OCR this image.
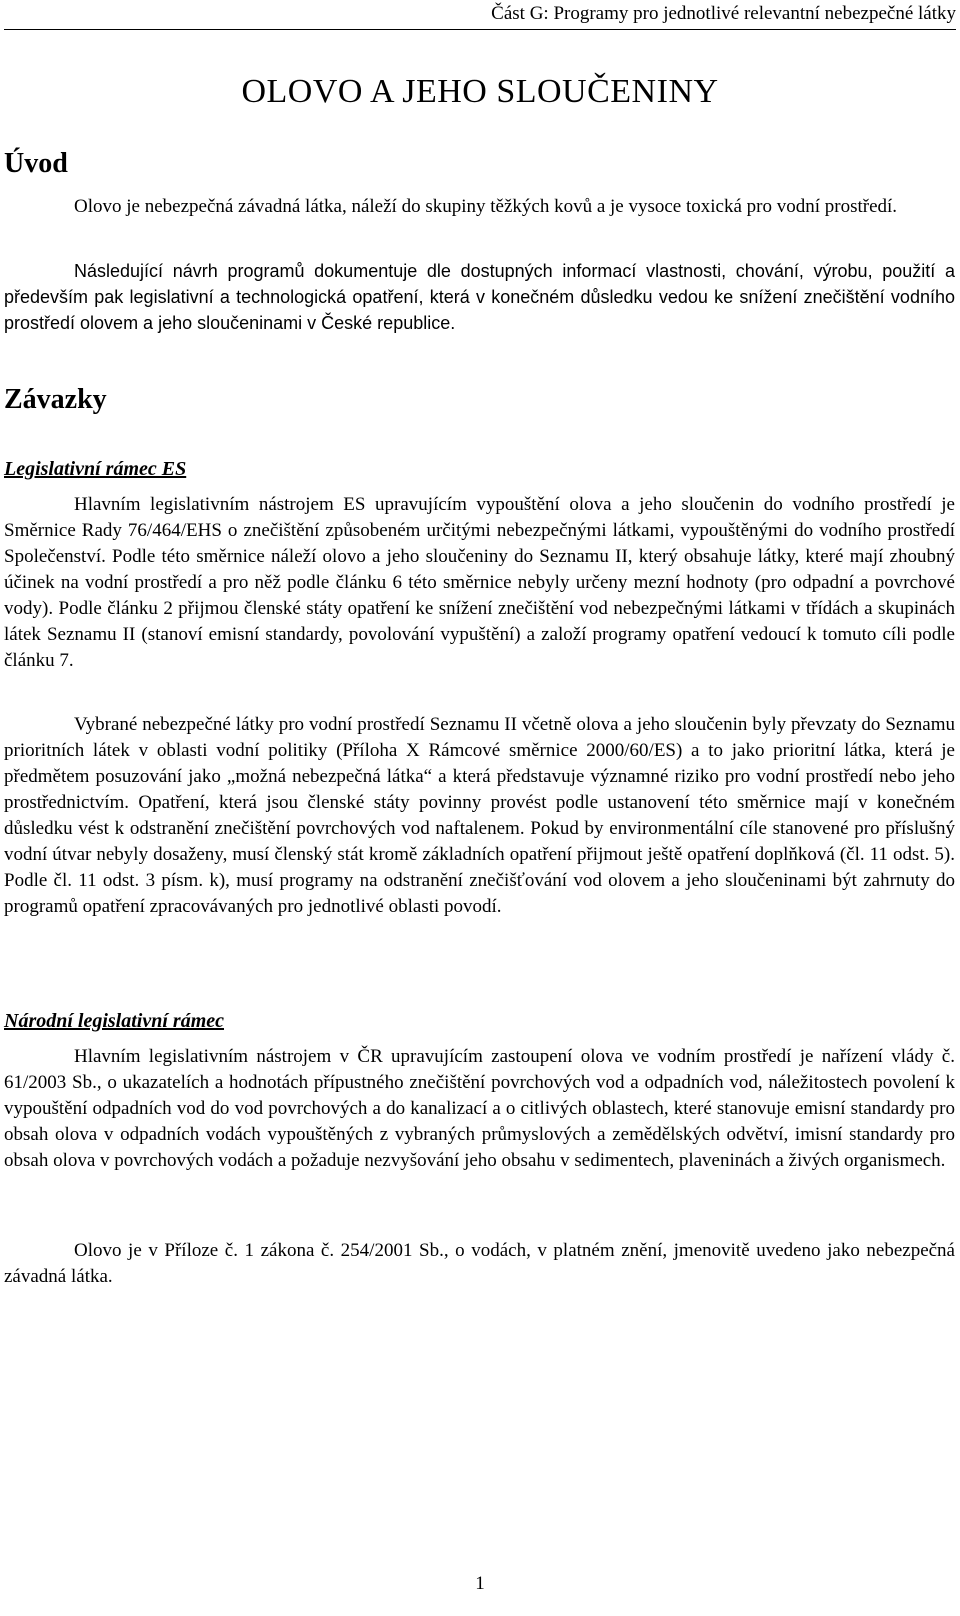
Část G: Programy pro jednotlivé relevantní nebezpečné látky
OLOVO A JEHO SLOUČENINY
Úvod

Olovo je nebezpečná závadná látka, náleží do skupiny těžkých kovů a je vysoce toxická pro vodní prostředí.

Následující návrh programů dokumentuje dle dostupných informací vlastnosti, chování, výrobu, použití a především pak legislativní a technologická opatření, která v konečném důsledku vedou ke snížení znečištění vodního prostředí olovem a jeho sloučeninami v České republice.

Závazky
Legislativní rámec ES

Hlavním legislativním nástrojem ES upravujícím vypouštění olova a jeho sloučenin do vodního prostředí je Směrnice Rady 76/464/EHS o znečištění způsobeném určitými nebezpečnými látkami, vypouštěnými do vodního prostředí Společenství. Podle této směrnice náleží olovo a jeho sloučeniny do Seznamu II, který obsahuje látky, které mají zhoubný účinek na vodní prostředí a pro něž podle článku 6 této směrnice nebyly určeny mezní hodnoty (pro odpadní a povrchové vody). Podle článku 2 přijmou členské státy opatření ke snížení znečištění vod nebezpečnými látkami v třídách a skupinách látek Seznamu II (stanoví emisní standardy, povolování vypuštění) a založí programy opatření vedoucí k tomuto cíli podle článku 7.

Vybrané nebezpečné látky pro vodní prostředí Seznamu II včetně olova a jeho sloučenin byly převzaty do Seznamu prioritních látek v oblasti vodní politiky (Příloha X Rámcové směrnice 2000/60/ES) a to jako prioritní látka, která je předmětem posuzování jako „možná nebezpečná látka“ a která představuje významné riziko pro vodní prostředí nebo jeho prostřednictvím. Opatření, která jsou členské státy povinny provést podle ustanovení této směrnice mají v konečném důsledku vést k odstranění znečištění povrchových vod naftalenem. Pokud by environmentální cíle stanovené pro příslušný vodní útvar nebyly dosaženy, musí členský stát kromě základních opatření přijmout ještě opatření doplňková (čl. 11 odst. 5). Podle čl. 11 odst. 3 písm. k), musí programy na odstranění znečišťování vod olovem a jeho sloučeninami být zahrnuty do programů opatření zpracovávaných pro jednotlivé oblasti povodí.

Národní legislativní rámec

Hlavním legislativním nástrojem v ČR upravujícím zastoupení olova ve vodním prostředí je nařízení vlády č. 61/2003 Sb., o ukazatelích a hodnotách přípustného znečištění povrchových vod a odpadních vod, náležitostech povolení k vypouštění odpadních vod do vod povrchových a do kanalizací a o citlivých oblastech, které stanovuje emisní standardy pro obsah olova v odpadních vodách vypouštěných z vybraných průmyslových a zemědělských odvětví, imisní standardy pro obsah olova v povrchových vodách a požaduje nezvyšování jeho obsahu v sedimentech, plaveninách a živých organismech.

Olovo je v Příloze č. 1 zákona č. 254/2001 Sb., o vodách, v platném znění, jmenovitě uvedeno jako nebezpečná závadná látka.

1
